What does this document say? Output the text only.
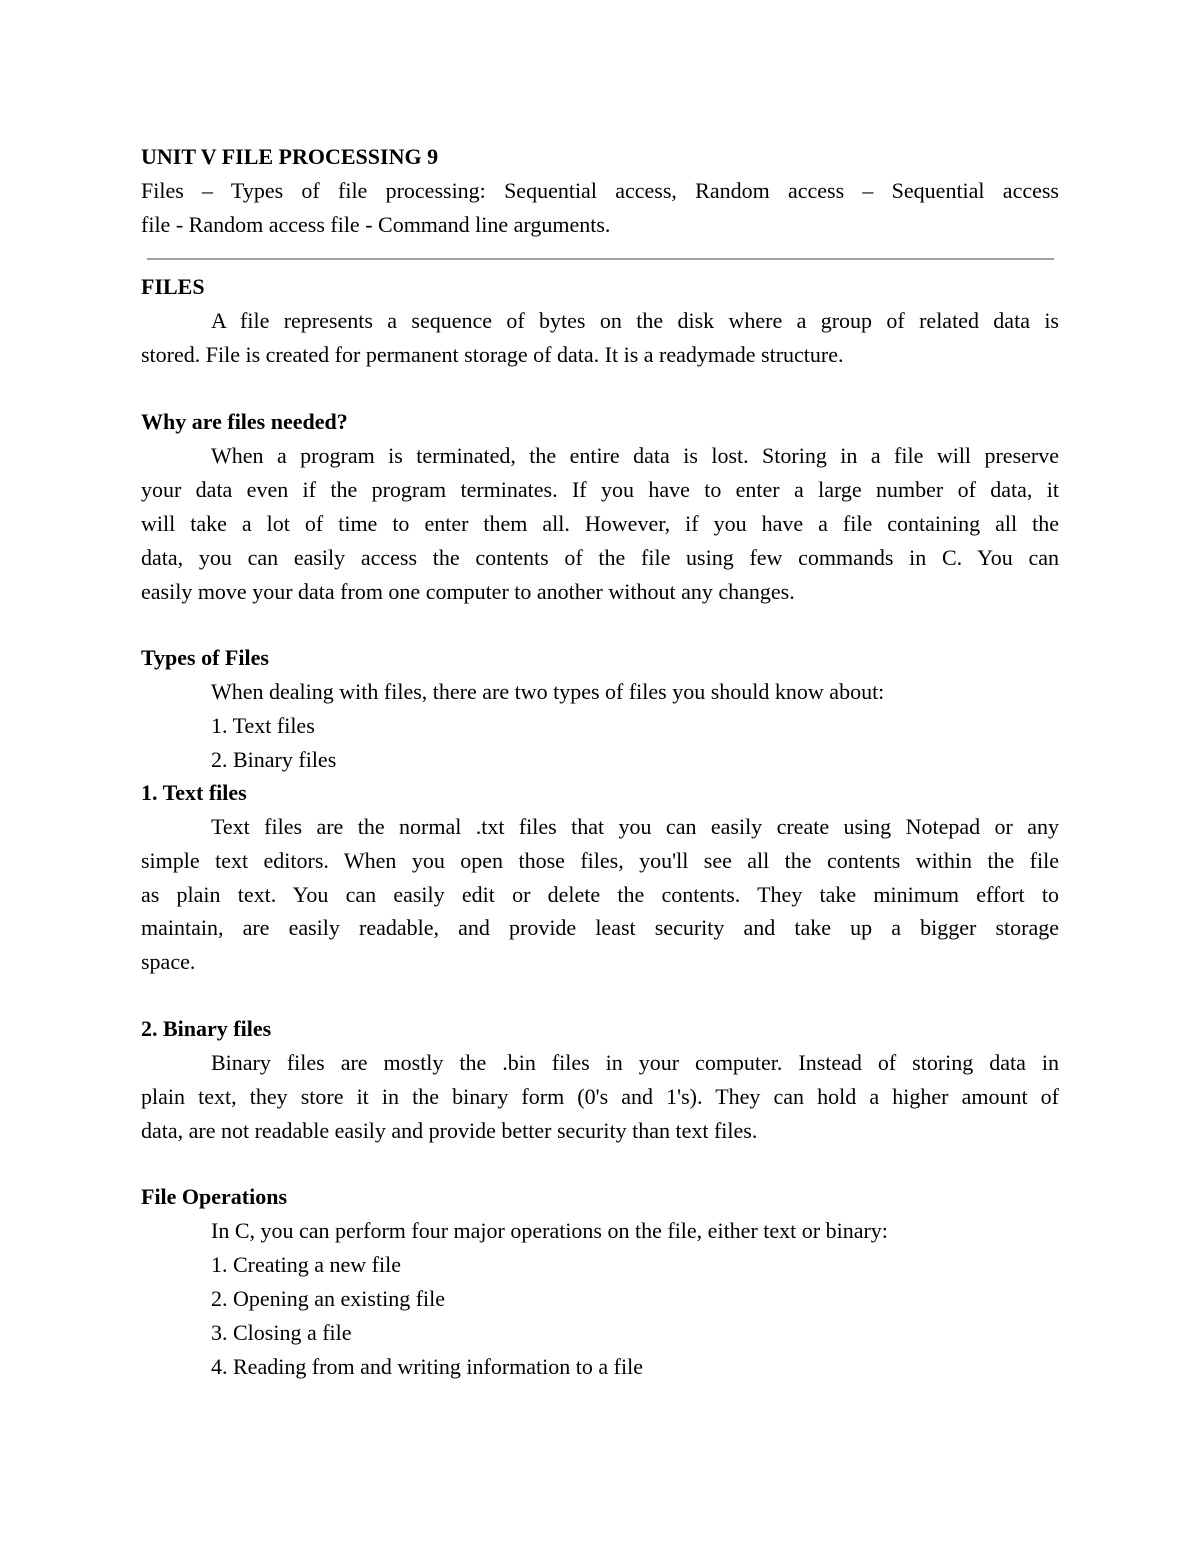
UNIT V FILE PROCESSING 9
Files – Types of file processing: Sequential access, Random access – Sequential access
file - Random access file - Command line arguments.
FILES
A file represents a sequence of bytes on the disk where a group of related data is
stored. File is created for permanent storage of data. It is a readymade structure.
Why are files needed?
When a program is terminated, the entire data is lost. Storing in a file will preserve
your data even if the program terminates. If you have to enter a large number of data, it
will take a lot of time to enter them all. However, if you have a file containing all the
data, you can easily access the contents of the file using few commands in C. You can
easily move your data from one computer to another without any changes.
Types of Files
When dealing with files, there are two types of files you should know about:
1. Text files
2. Binary files
1. Text files
Text files are the normal .txt files that you can easily create using Notepad or any
simple text editors. When you open those files, you'll see all the contents within the file
as plain text. You can easily edit or delete the contents. They take minimum effort to
maintain, are easily readable, and provide least security and take up a bigger storage
space.
2. Binary files
Binary files are mostly the .bin files in your computer. Instead of storing data in
plain text, they store it in the binary form (0's and 1's). They can hold a higher amount of
data, are not readable easily and provide better security than text files.
File Operations
In C, you can perform four major operations on the file, either text or binary:
1. Creating a new file
2. Opening an existing file
3. Closing a file
4. Reading from and writing information to a file
